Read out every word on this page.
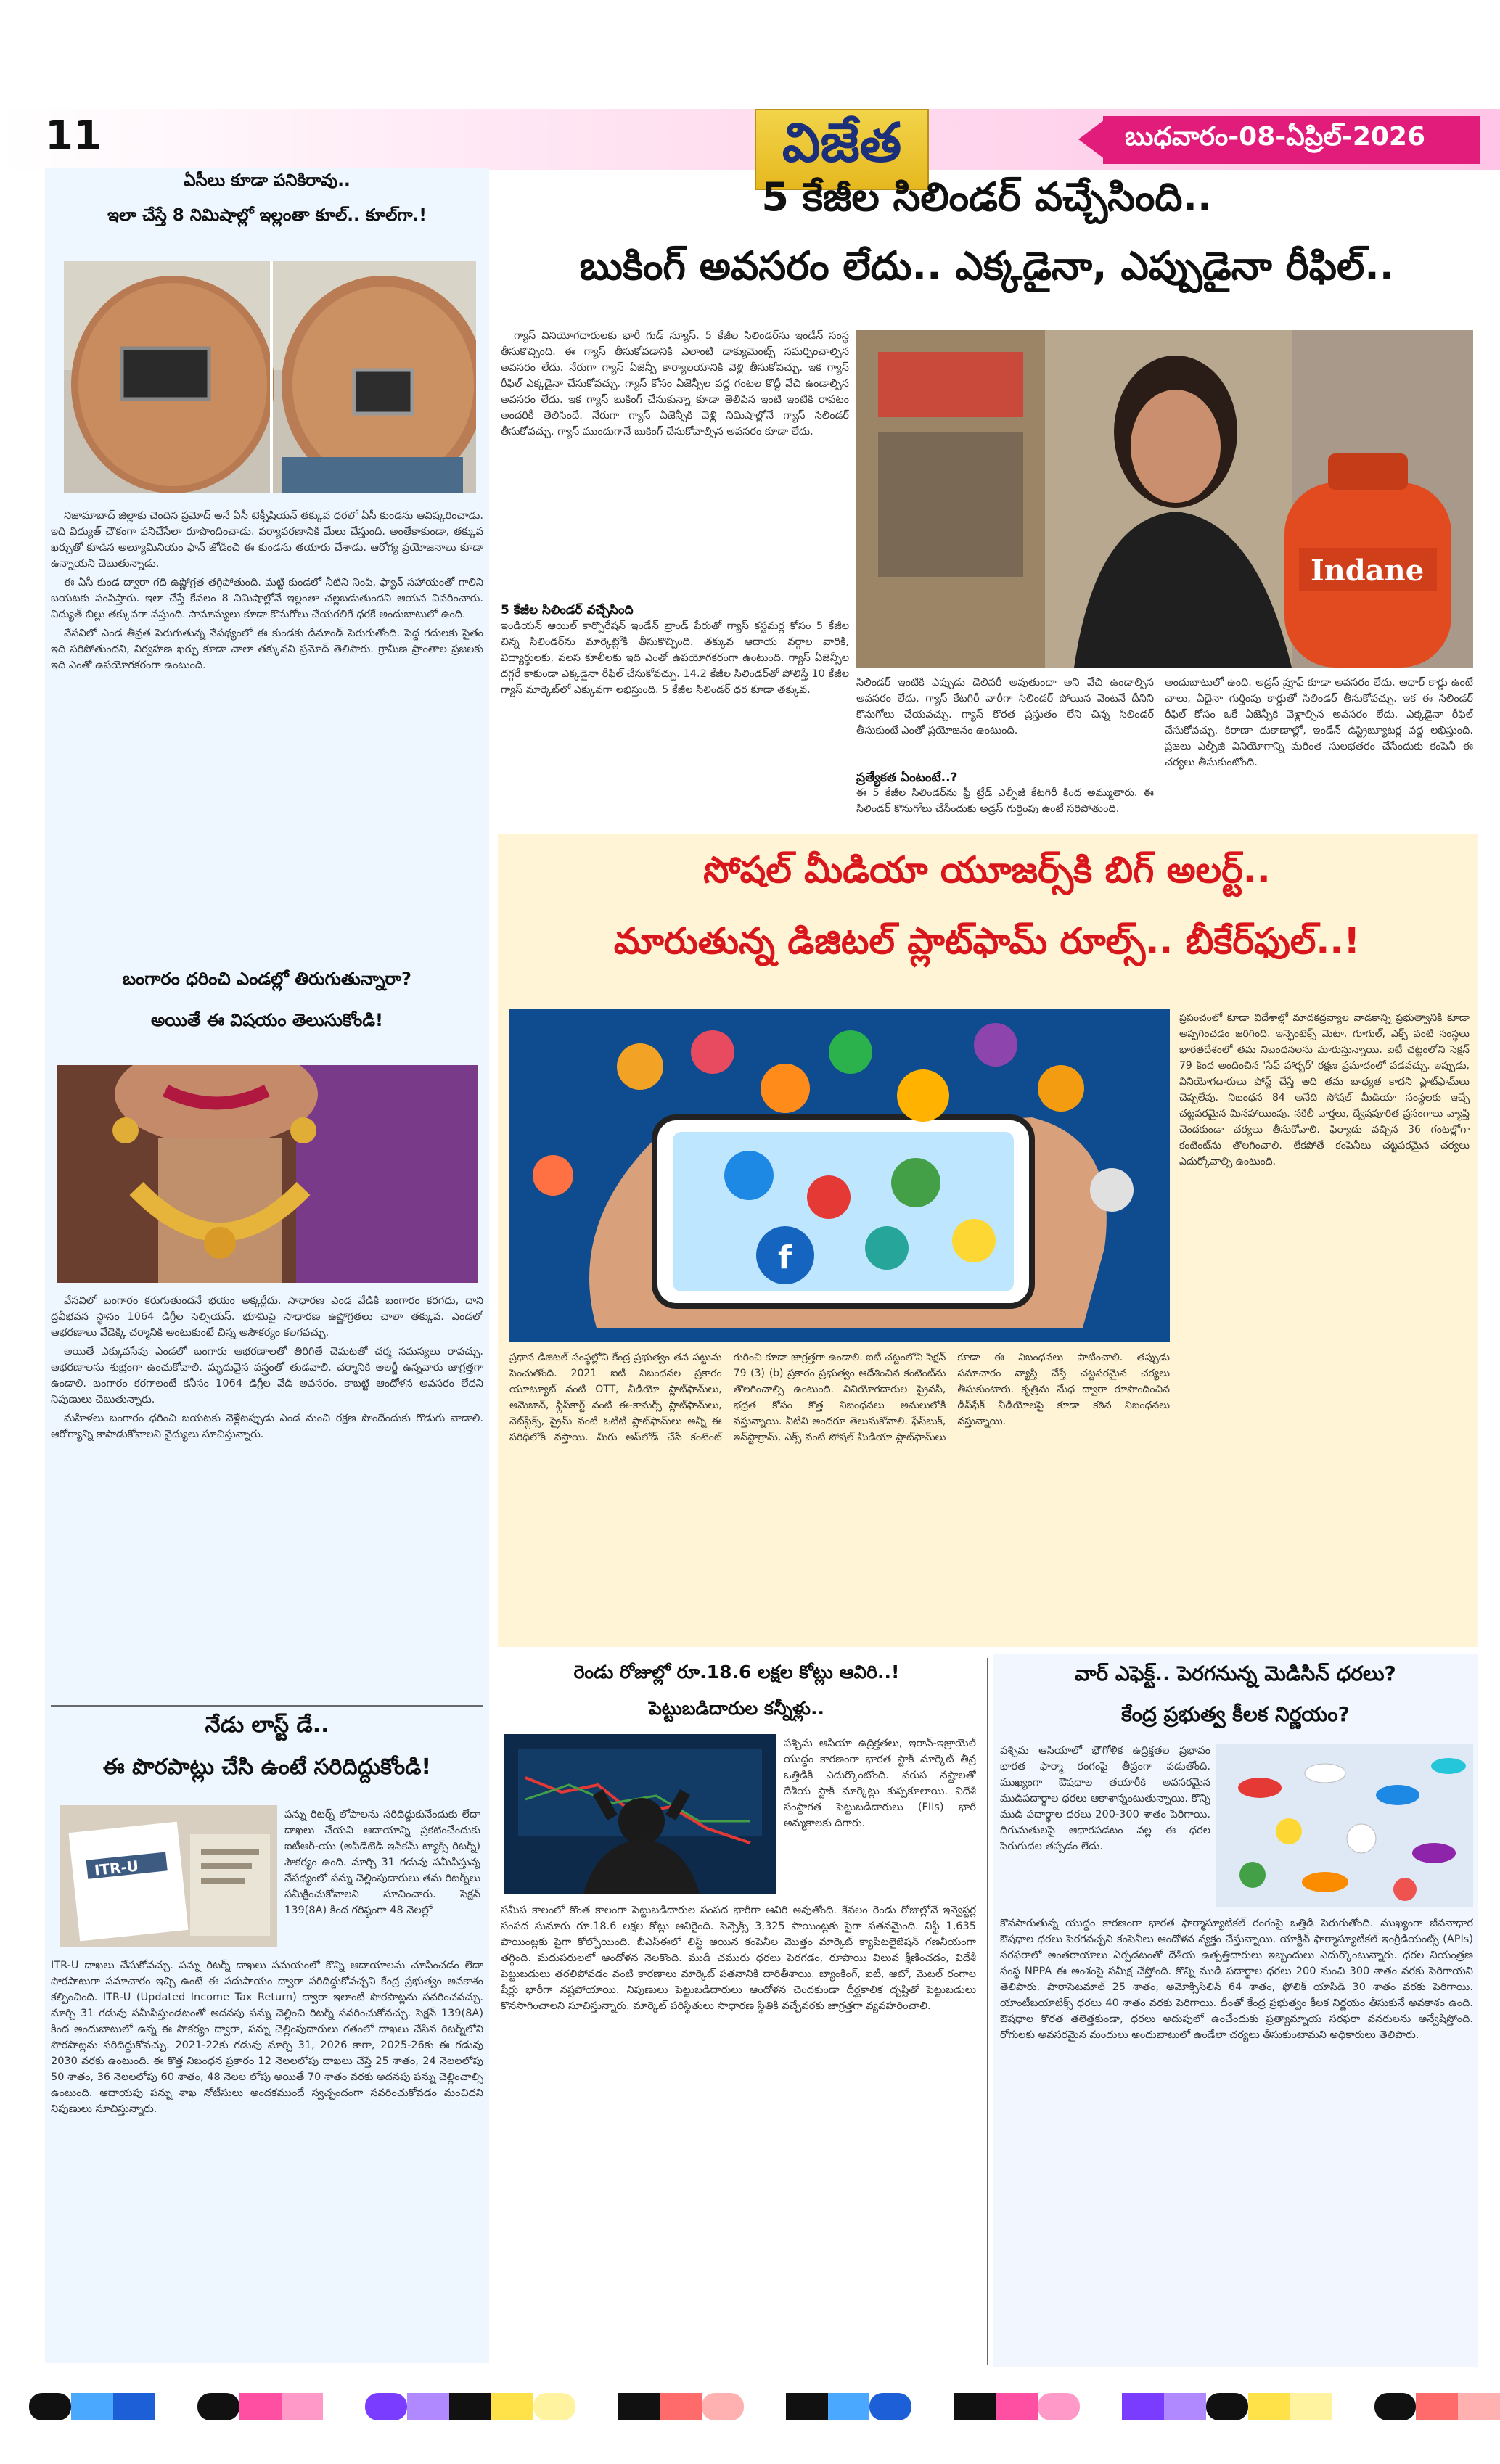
11	విజేత	బుధవారం-08-ఏప్రిల్-2026
ఏసీలు కూడా పనికిరావు..
ఇలా చేస్తే 8 నిమిషాల్లో ఇల్లంతా కూల్.. కూల్‌గా.!

నిజామాబాద్ జిల్లాకు చెందిన ప్రమోద్ అనే ఏసీ టెక్నీషియన్ తక్కువ ధరలో ఏసీ కుండను ఆవిష్కరించాడు. ఇది విద్యుత్ చౌకంగా పనిచేసేలా రూపొందించాడు. పర్యావరణానికి మేలు చేస్తుంది. అంతేకాకుండా, తక్కువ ఖర్చుతో కూడిన అల్యూమినియం ఫాన్ జోడించి ఈ కుండను తయారు చేశాడు. ఆరోగ్య ప్రయోజనాలు కూడా ఉన్నాయని చెబుతున్నాడు.

ఈ ఏసీ కుండ ద్వారా గది ఉష్ణోగ్రత తగ్గిపోతుంది. మట్టి కుండలో నీటిని నింపి, ఫ్యాన్ సహాయంతో గాలిని బయటకు పంపిస్తారు. ఇలా చేస్తే కేవలం 8 నిమిషాల్లోనే ఇల్లంతా చల్లబడుతుందని ఆయన వివరించారు. విద్యుత్ బిల్లు తక్కువగా వస్తుంది. సామాన్యులు కూడా కొనుగోలు చేయగలిగే ధరకే అందుబాటులో ఉంది.

వేసవిలో ఎండ తీవ్రత పెరుగుతున్న నేపథ్యంలో ఈ కుండకు డిమాండ్ పెరుగుతోంది. పెద్ద గదులకు సైతం ఇది సరిపోతుందని, నిర్వహణ ఖర్చు కూడా చాలా తక్కువని ప్రమోద్ తెలిపారు. గ్రామీణ ప్రాంతాల ప్రజలకు ఇది ఎంతో ఉపయోగకరంగా ఉంటుంది.

బంగారం ధరించి ఎండల్లో తిరుగుతున్నారా?
అయితే ఈ విషయం తెలుసుకోండి!

వేసవిలో బంగారం కరుగుతుందనే భయం అక్కర్లేదు. సాధారణ ఎండ వేడికి బంగారం కరగదు, దాని ద్రవీభవన స్థానం 1064 డిగ్రీల సెల్సియస్. భూమిపై సాధారణ ఉష్ణోగ్రతలు చాలా తక్కువ. ఎండలో ఆభరణాలు వేడెక్కి చర్మానికి అంటుకుంటే చిన్న అసౌకర్యం కలగవచ్చు.

అయితే ఎక్కువసేపు ఎండలో బంగారు ఆభరణాలతో తిరిగితే చెమటతో చర్మ సమస్యలు రావచ్చు. ఆభరణాలను శుభ్రంగా ఉంచుకోవాలి. మృదువైన వస్త్రంతో తుడవాలి. చర్మానికి అలర్జీ ఉన్నవారు జాగ్రత్తగా ఉండాలి. బంగారం కరగాలంటే కనీసం 1064 డిగ్రీల వేడి అవసరం. కాబట్టి ఆందోళన అవసరం లేదని నిపుణులు చెబుతున్నారు.

మహిళలు బంగారం ధరించి బయటకు వెళ్లేటప్పుడు ఎండ నుంచి రక్షణ పొందేందుకు గొడుగు వాడాలి. ఆరోగ్యాన్ని కాపాడుకోవాలని వైద్యులు సూచిస్తున్నారు.

నేడు లాస్ట్ డే..
ఈ పొరపాట్లు చేసి ఉంటే సరిదిద్దుకోండి!
ITR-U
పన్ను రిటర్న్ లోపాలను సరిదిద్దుకునేందుకు లేదా దాఖలు చేయని ఆదాయాన్ని ప్రకటించేందుకు ఐటీఆర్-యు (అప్‌డేటెడ్ ఇన్‌కమ్ ట్యాక్స్ రిటర్న్) సౌకర్యం ఉంది. మార్చి 31 గడువు సమీపిస్తున్న నేపథ్యంలో పన్ను చెల్లింపుదారులు తమ రిటర్న్‌లు సమీక్షించుకోవాలని సూచించారు. సెక్షన్ 139(8A) కింద గరిష్ఠంగా 48 నెలల్లో
ITR-U దాఖలు చేసుకోవచ్చు. పన్ను రిటర్న్ దాఖలు సమయంలో కొన్ని ఆదాయాలను చూపించడం లేదా పొరపాటుగా సమాచారం ఇచ్చి ఉంటే ఈ సదుపాయం ద్వారా సరిదిద్దుకోవచ్చని కేంద్ర ప్రభుత్వం అవకాశం కల్పించింది. ITR-U (Updated Income Tax Return) ద్వారా ఇలాంటి పొరపాట్లను సవరించవచ్చు. మార్చి 31 గడువు సమీపిస్తుండటంతో అదనపు పన్ను చెల్లించి రిటర్న్ సవరించుకోవచ్చు. సెక్షన్ 139(8A) కింద అందుబాటులో ఉన్న ఈ సౌకర్యం ద్వారా, పన్ను చెల్లింపుదారులు గతంలో దాఖలు చేసిన రిటర్న్‌లోని పొరపాట్లను సరిదిద్దుకోవచ్చు. 2021-22కు గడువు మార్చి 31, 2026 కాగా, 2025-26కు ఈ గడువు 2030 వరకు ఉంటుంది. ఈ కొత్త నిబంధన ప్రకారం 12 నెలలలోపు దాఖలు చేస్తే 25 శాతం, 24 నెలలలోపు 50 శాతం, 36 నెలలలోపు 60 శాతం, 48 నెలల లోపు అయితే 70 శాతం వరకు అదనపు పన్ను చెల్లించాల్సి ఉంటుంది. ఆదాయపు పన్ను శాఖ నోటీసులు అందకముందే స్వచ్ఛందంగా సవరించుకోవడం మంచిదని నిపుణులు సూచిస్తున్నారు.
5 కేజీల సిలిండర్ వచ్చేసింది..
బుకింగ్ అవసరం లేదు.. ఎక్కడైనా, ఎప్పుడైనా రీఫిల్..

గ్యాస్ వినియోగదారులకు భారీ గుడ్ న్యూస్. 5 కేజీల సిలిండర్‌ను ఇండేన్ సంస్థ తీసుకొచ్చింది. ఈ గ్యాస్ తీసుకోవడానికి ఎలాంటి డాక్యుమెంట్స్ సమర్పించాల్సిన అవసరం లేదు. నేరుగా గ్యాస్ ఏజెన్సీ కార్యాలయానికి వెళ్లి తీసుకోవచ్చు. ఇక గ్యాస్ రీఫిల్ ఎక్కడైనా చేసుకోవచ్చు. గ్యాస్ కోసం ఏజెన్సీల వద్ద గంటల కొద్దీ వేచి ఉండాల్సిన అవసరం లేదు. ఇక గ్యాస్ బుకింగ్ చేసుకున్నా కూడా తెలిపిన ఇంటి ఇంటికి రావటం అందరికీ తెలిసిందే. నేరుగా గ్యాస్ ఏజెన్సీకి వెళ్లి నిమిషాల్లోనే గ్యాస్ సిలిండర్ తీసుకోవచ్చు. గ్యాస్ ముందుగానే బుకింగ్ చేసుకోవాల్సిన అవసరం కూడా లేదు.

5 కేజీల సిలిండర్ వచ్చేసింది
ఇండియన్ ఆయిల్ కార్పొరేషన్ ఇండేన్ బ్రాండ్ పేరుతో గ్యాస్ కస్టమర్ల కోసం 5 కేజీల చిన్న సిలిండర్‌ను మార్కెట్లోకి తీసుకొచ్చింది. తక్కువ ఆదాయ వర్గాల వారికి, విద్యార్థులకు, వలస కూలీలకు ఇది ఎంతో ఉపయోగకరంగా ఉంటుంది. గ్యాస్ ఏజెన్సీల దగ్గరే కాకుండా ఎక్కడైనా రీఫిల్ చేసుకోవచ్చు. 14.2 కేజీల సిలిండర్‌తో పోలిస్తే 10 కేజీల గ్యాస్ మార్కెట్‌లో ఎక్కువగా లభిస్తుంది. 5 కేజీల సిలిండర్ ధర కూడా తక్కువ.
Indane
సిలిండర్ ఇంటికి ఎప్పుడు డెలివరీ అవుతుందా అని వేచి ఉండాల్సిన అవసరం లేదు. గ్యాస్ కేటగిరీ వారీగా సిలిండర్ పోయిన వెంటనే దీనిని కొనుగోలు చేయవచ్చు. గ్యాస్ కొరత ప్రస్తుతం లేని చిన్న సిలిండర్ తీసుకుంటే ఎంతో ప్రయోజనం ఉంటుంది.
ప్రత్యేకత ఏంటంటే..?
ఈ 5 కేజీల సిలిండర్‌ను ఫ్రీ ట్రేడ్ ఎల్పీజీ కేటగిరీ కింద అమ్ముతారు. ఈ సిలిండర్ కొనుగోలు చేసేందుకు అడ్రస్ గుర్తింపు ఉంటే సరిపోతుంది.
అందుబాటులో ఉంది. అడ్రస్ ప్రూఫ్ కూడా అవసరం లేదు. ఆధార్ కార్డు ఉంటే చాలు, ఏదైనా గుర్తింపు కార్డుతో సిలిండర్ తీసుకోవచ్చు. ఇక ఈ సిలిండర్ రీఫిల్ కోసం ఒకే ఏజెన్సీకి వెళ్లాల్సిన అవసరం లేదు. ఎక్కడైనా రీఫిల్ చేసుకోవచ్చు. కిరాణా దుకాణాల్లో, ఇండేన్ డిస్ట్రిబ్యూటర్ల వద్ద లభిస్తుంది. ప్రజలు ఎల్పీజీ వినియోగాన్ని మరింత సులభతరం చేసేందుకు కంపెనీ ఈ చర్యలు తీసుకుంటోంది.
సోషల్ మీడియా యూజర్స్‌కి బిగ్ అలర్ట్..
మారుతున్న డిజిటల్ ప్లాట్‌ఫామ్ రూల్స్.. బీకేర్‌ఫుల్..!
f
ప్రపంచంలో కూడా విదేశాల్లో మాదకద్రవ్యాల వాడకాన్ని ప్రభుత్వానికి కూడా అప్పగించడం జరిగింది. ఇన్ఫెంటెక్స్‌ మెటా, గూగుల్, ఎక్స్ వంటి సంస్థలు భారతదేశంలో తమ నిబంధనలను మారుస్తున్నాయి. ఐటీ చట్టంలోని సెక్షన్ 79 కింద అందించిన 'సేఫ్ హార్బర్' రక్షణ ప్రమాదంలో పడవచ్చు. ఇప్పుడు, వినియోగదారులు పోస్ట్ చేస్తే అది తమ బాధ్యత కాదని ప్లాట్‌ఫామ్‌లు చెప్పలేవు. నిబంధన 84 అనేది సోషల్ మీడియా సంస్థలకు ఇచ్చే చట్టపరమైన మినహాయింపు. నకిలీ వార్తలు, ద్వేషపూరిత ప్రసంగాలు వ్యాప్తి చెందకుండా చర్యలు తీసుకోవాలి. ఫిర్యాదు వచ్చిన 36 గంటల్లోగా కంటెంట్‌ను తొలగించాలి. లేకపోతే కంపెనీలు చట్టపరమైన చర్యలు ఎదుర్కోవాల్సి ఉంటుంది.
ప్రధాన డిజిటల్ సంస్థల్లోని కేంద్ర ప్రభుత్వం తన పట్టును పెంచుతోంది. 2021 ఐటీ నిబంధనల ప్రకారం యూట్యూబ్ వంటి OTT, వీడియో ప్లాట్‌ఫామ్‌లు, అమెజాన్, ఫ్లిప్‌కార్ట్ వంటి ఈ-కామర్స్ ప్లాట్‌ఫామ్‌లు, నెట్‌ఫ్లిక్స్, ప్రైమ్ వంటి ఓటీటీ ప్లాట్‌ఫామ్‌లు అన్నీ ఈ పరిధిలోకి వస్తాయి. మీరు అప్‌లోడ్ చేసే కంటెంట్ గురించి కూడా జాగ్రత్తగా ఉండాలి. ఐటీ చట్టంలోని సెక్షన్ 79 (3) (b) ప్రకారం ప్రభుత్వం ఆదేశించిన కంటెంట్‌ను తొలగించాల్సి ఉంటుంది. వినియోగదారుల ప్రైవసీ, భద్రత కోసం కొత్త నిబంధనలు అమలులోకి వస్తున్నాయి. వీటిని అందరూ తెలుసుకోవాలి. ఫేస్‌బుక్, ఇన్‌స్టాగ్రామ్, ఎక్స్ వంటి సోషల్ మీడియా ప్లాట్‌ఫామ్‌లు కూడా ఈ నిబంధనలు పాటించాలి. తప్పుడు సమాచారం వ్యాప్తి చేస్తే చట్టపరమైన చర్యలు తీసుకుంటారు. కృత్రిమ మేధ ద్వారా రూపొందించిన డీప్‌ఫేక్ వీడియోలపై కూడా కఠిన నిబంధనలు వస్తున్నాయి.
రెండు రోజుల్లో రూ.18.6 లక్షల కోట్లు ఆవిరి..!
పెట్టుబడిదారుల కన్నీళ్లు..
పశ్చిమ ఆసియా ఉద్రిక్తతలు, ఇరాన్-ఇజ్రాయెల్ యుద్ధం కారణంగా భారత స్టాక్ మార్కెట్ తీవ్ర ఒత్తిడికి ఎదుర్కొంటోంది. వరుస నష్టాలతో దేశీయ స్టాక్ మార్కెట్లు కుప్పకూలాయి. విదేశీ సంస్థాగత పెట్టుబడిదారులు (FIIs) భారీ అమ్మకాలకు దిగారు.
సమీప కాలంలో కొంత కాలంగా పెట్టుబడిదారుల సంపద భారీగా ఆవిరి అవుతోంది. కేవలం రెండు రోజుల్లోనే ఇన్వెస్టర్ల సంపద సుమారు రూ.18.6 లక్షల కోట్లు ఆవిరైంది. సెన్సెక్స్ 3,325 పాయింట్లకు పైగా పతనమైంది. నిఫ్టీ 1,635 పాయింట్లకు పైగా కోల్పోయింది. బీఎస్ఈలో లిస్ట్ అయిన కంపెనీల మొత్తం మార్కెట్ క్యాపిటలైజేషన్ గణనీయంగా తగ్గింది. మదుపరులలో ఆందోళన నెలకొంది. ముడి చమురు ధరలు పెరగడం, రూపాయి విలువ క్షీణించడం, విదేశీ పెట్టుబడులు తరలిపోవడం వంటి కారణాలు మార్కెట్ పతనానికి దారితీశాయి. బ్యాంకింగ్, ఐటీ, ఆటో, మెటల్ రంగాల షేర్లు భారీగా నష్టపోయాయి. నిపుణులు పెట్టుబడిదారులు ఆందోళన చెందకుండా దీర్ఘకాలిక దృష్టితో పెట్టుబడులు కొనసాగించాలని సూచిస్తున్నారు. మార్కెట్ పరిస్థితులు సాధారణ స్థితికి వచ్చేవరకు జాగ్రత్తగా వ్యవహరించాలి.
వార్ ఎఫెక్ట్.. పెరగనున్న మెడిసిన్ ధరలు?
కేంద్ర ప్రభుత్వ కీలక నిర్ణయం?
పశ్చిమ ఆసియాలో భౌగోళిక ఉద్రిక్తతల ప్రభావం భారత ఫార్మా రంగంపై తీవ్రంగా పడుతోంది. ముఖ్యంగా ఔషధాల తయారీకి అవసరమైన ముడిపదార్థాల ధరలు ఆకాశాన్నంటుతున్నాయి. కొన్ని ముడి పదార్థాల ధరలు 200-300 శాతం పెరిగాయి. దిగుమతులపై ఆధారపడటం వల్ల ఈ ధరల పెరుగుదల తప్పడం లేదు.
కొనసాగుతున్న యుద్ధం కారణంగా భారత ఫార్మాస్యూటికల్ రంగంపై ఒత్తిడి పెరుగుతోంది. ముఖ్యంగా జీవనాధార ఔషధాల ధరలు పెరగవచ్చని కంపెనీలు ఆందోళన వ్యక్తం చేస్తున్నాయి. యాక్టివ్ ఫార్మాస్యూటికల్ ఇంగ్రీడియంట్స్ (APIs) సరఫరాలో అంతరాయాలు ఏర్పడటంతో దేశీయ ఉత్పత్తిదారులు ఇబ్బందులు ఎదుర్కొంటున్నారు. ధరల నియంత్రణ సంస్థ NPPA ఈ అంశంపై సమీక్ష చేస్తోంది. కొన్ని ముడి పదార్థాల ధరలు 200 నుంచి 300 శాతం వరకు పెరిగాయని తెలిపారు. పారాసెటమాల్ 25 శాతం, అమోక్సిసిలిన్ 64 శాతం, ఫోలిక్ యాసిడ్ 30 శాతం వరకు పెరిగాయి. యాంటీబయాటిక్స్ ధరలు 40 శాతం వరకు పెరిగాయి. దీంతో కేంద్ర ప్రభుత్వం కీలక నిర్ణయం తీసుకునే అవకాశం ఉంది. ఔషధాల కొరత తలెత్తకుండా, ధరలు అదుపులో ఉంచేందుకు ప్రత్యామ్నాయ సరఫరా వనరులను అన్వేషిస్తోంది. రోగులకు అవసరమైన మందులు అందుబాటులో ఉండేలా చర్యలు తీసుకుంటామని అధికారులు తెలిపారు.
